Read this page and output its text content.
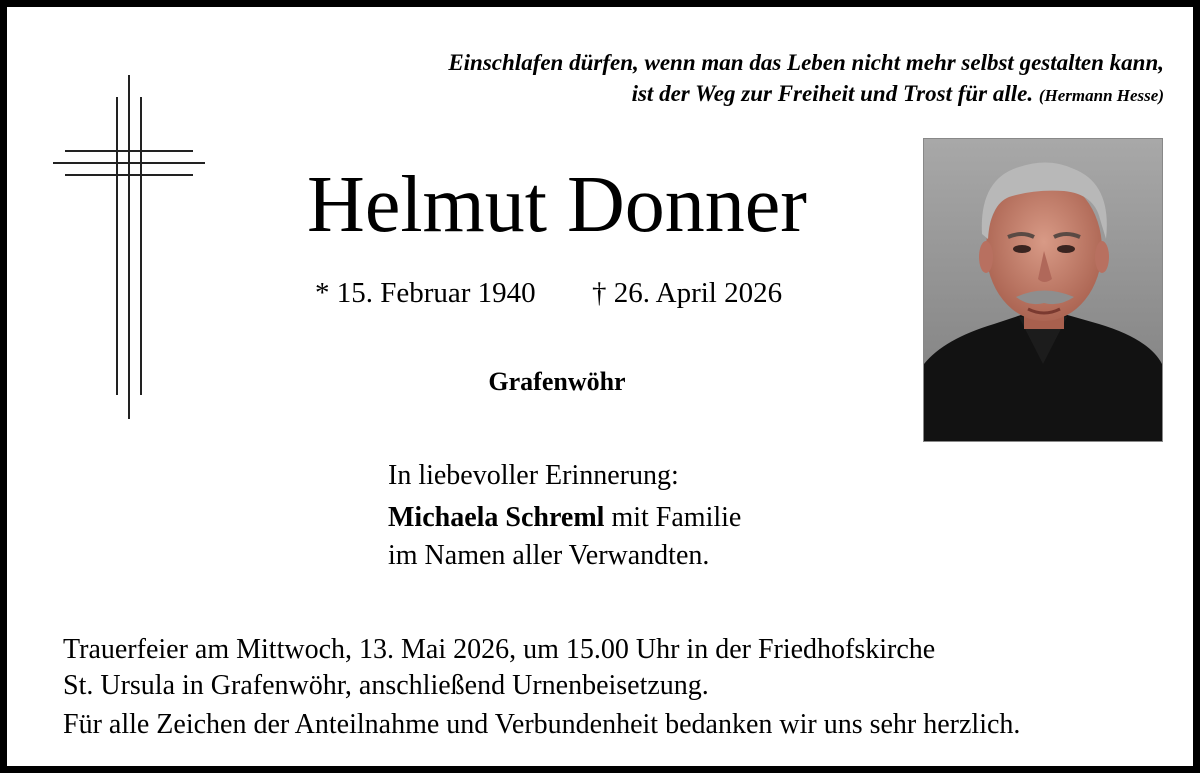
Einschlafen dürfen, wenn man das Leben nicht mehr selbst gestalten kann,
ist der Weg zur Freiheit und Trost für alle. (Hermann Hesse)
Helmut Donner
* 15. Februar 1940 † 26. April 2026
Grafenwöhr
In liebevoller Erinnerung:
Michaela Schreml mit Familie
im Namen aller Verwandten.
Trauerfeier am Mittwoch, 13. Mai 2026, um 15.00 Uhr in der Friedhofskirche
St. Ursula in Grafenwöhr, anschließend Urnenbeisetzung.
Für alle Zeichen der Anteilnahme und Verbundenheit bedanken wir uns sehr herzlich.
